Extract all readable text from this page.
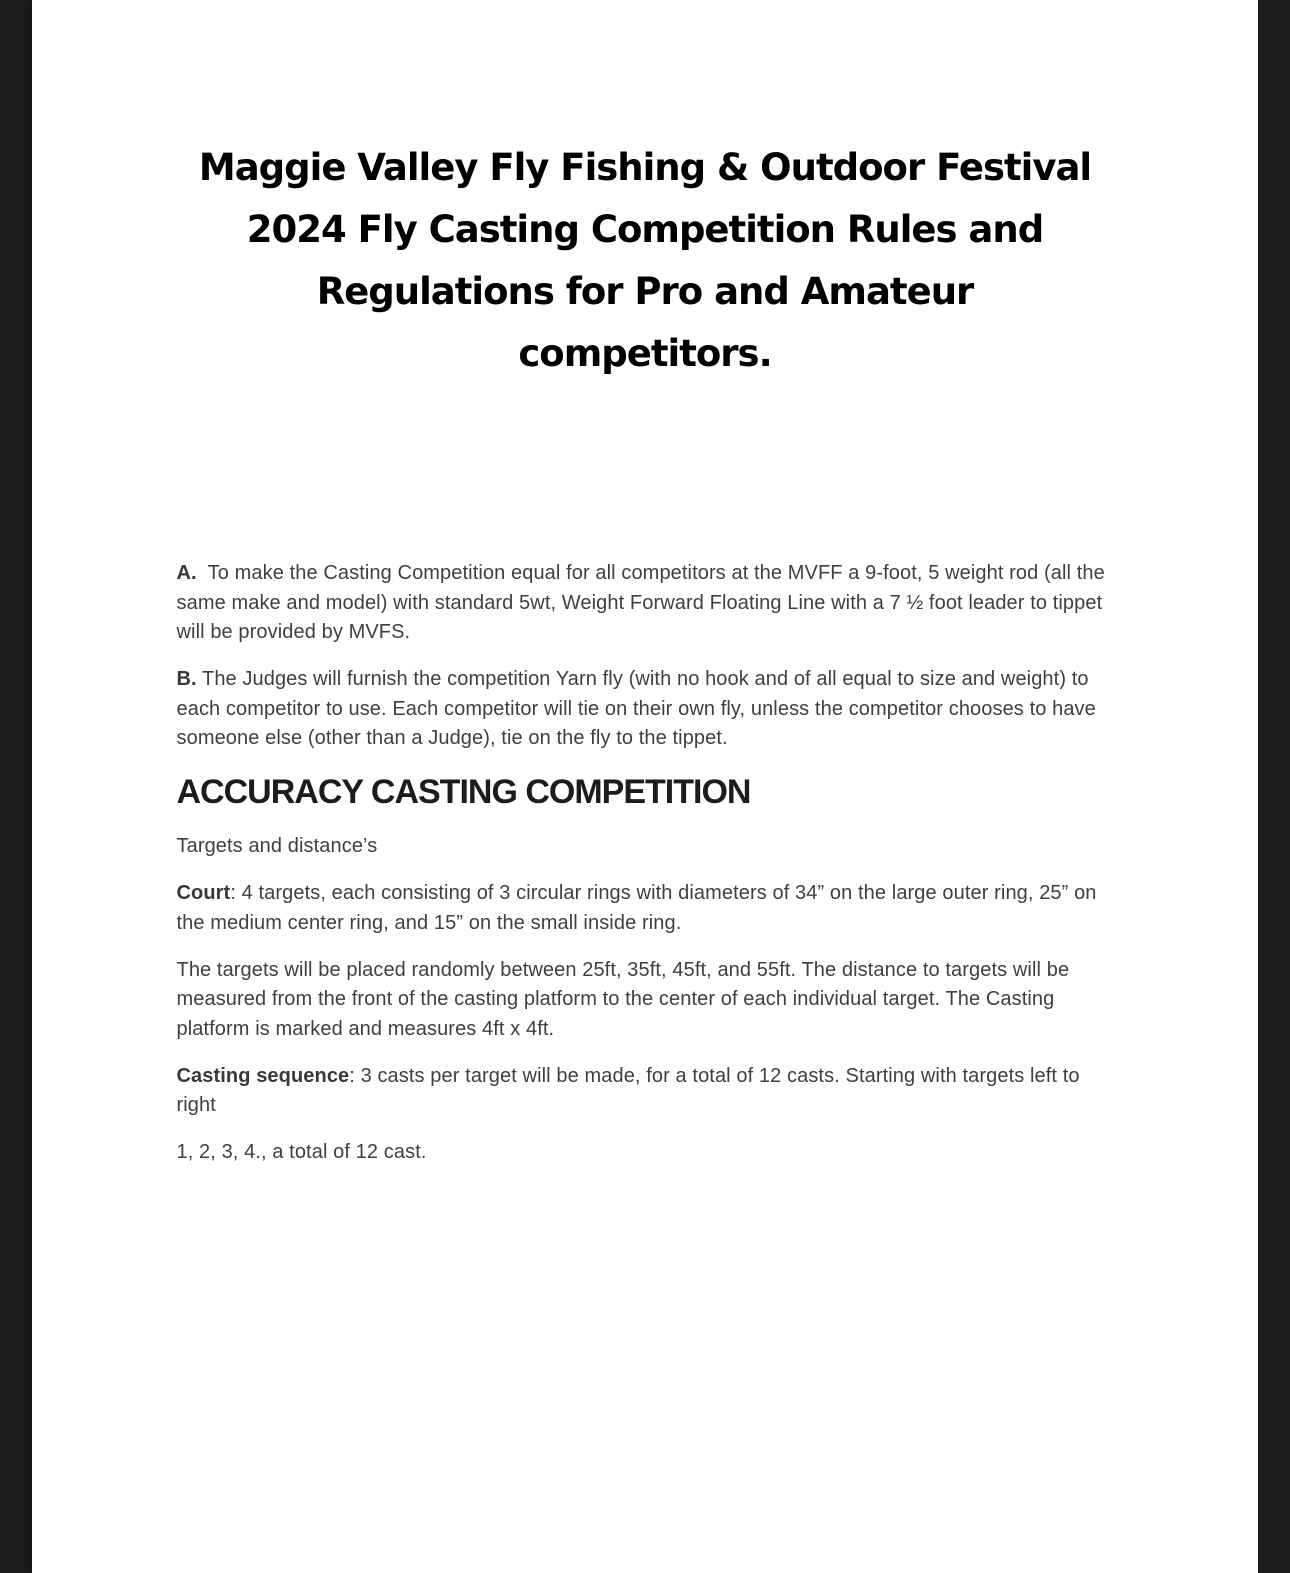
Maggie Valley Fly Fishing & Outdoor Festival
2024 Fly Casting Competition Rules and
Regulations for Pro and Amateur
competitors.

A.  To make the Casting Competition equal for all competitors at the MVFF a 9-foot, 5 weight rod (all the same make and model) with standard 5wt, Weight Forward Floating Line with a 7 ½ foot leader to tippet will be provided by MVFS.

B. The Judges will furnish the competition Yarn fly (with no hook and of all equal to size and weight) to each competitor to use. Each competitor will tie on their own fly, unless the competitor chooses to have someone else (other than a Judge), tie on the fly to the tippet.

ACCURACY CASTING COMPETITION

Targets and distance’s

Court: 4 targets, each consisting of 3 circular rings with diameters of 34” on the large outer ring, 25” on the medium center ring, and 15” on the small inside ring.

The targets will be placed randomly between 25ft, 35ft, 45ft, and 55ft. The distance to targets will be measured from the front of the casting platform to the center of each individual target. The Casting platform is marked and measures 4ft x 4ft.

Casting sequence: 3 casts per target will be made, for a total of 12 casts. Starting with targets left to right

1, 2, 3, 4., a total of 12 cast.
